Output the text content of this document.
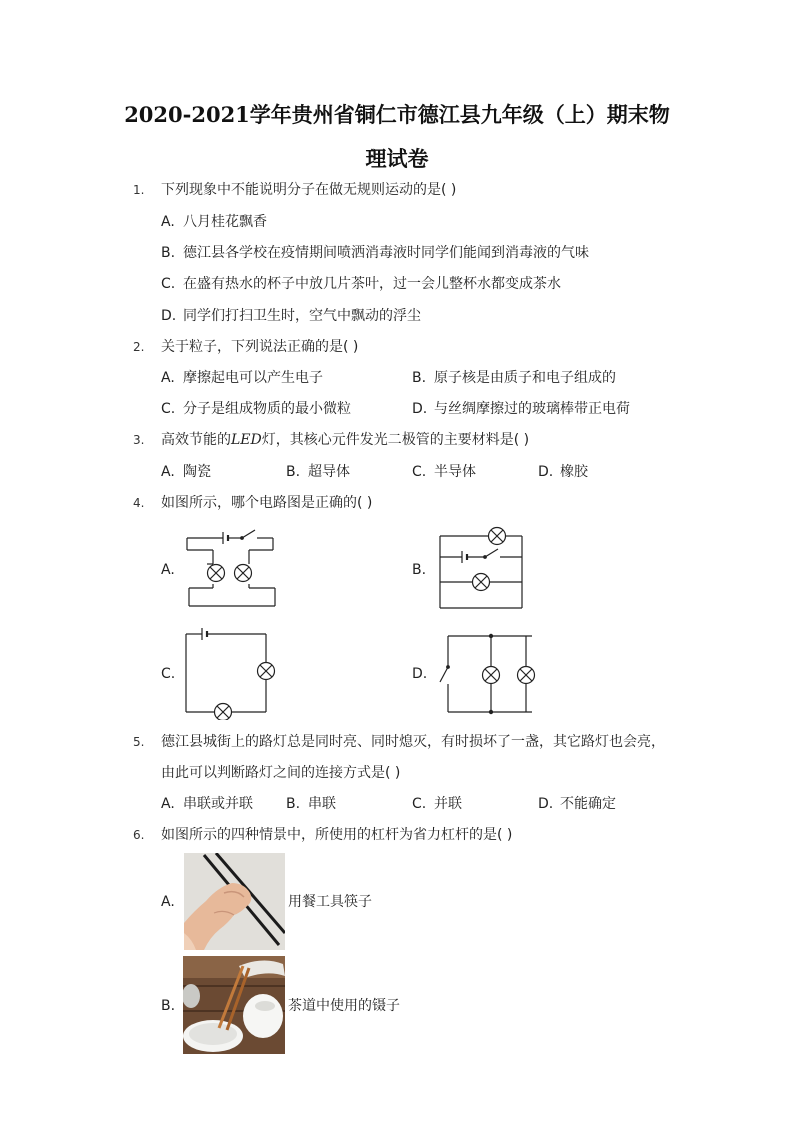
2020-2021学年贵州省铜仁市德江县九年级（上）期末物
理试卷
1. 下列现象中不能说明分子在做无规则运动的是( )
A. 八月桂花飘香
B. 德江县各学校在疫情期间喷洒消毒液时同学们能闻到消毒液的气味
C. 在盛有热水的杯子中放几片茶叶，过一会儿整杯水都变成茶水
D. 同学们打扫卫生时，空气中飘动的浮尘
2. 关于粒子，下列说法正确的是( )
A. 摩擦起电可以产生电子	B. 原子核是由质子和电子组成的
C. 分子是组成物质的最小微粒	D. 与丝绸摩擦过的玻璃棒带正电荷
3. 高效节能的LED灯，其核心元件发光二极管的主要材料是( )
A. 陶瓷	B. 超导体	C. 半导体	D. 橡胶
4. 如图所示，哪个电路图是正确的( )
A.	B.
C.	D.
5. 德江县城街上的路灯总是同时亮、同时熄灭，有时损坏了一盏，其它路灯也会亮，
由此可以判断路灯之间的连接方式是( )
A. 串联或并联 B. 串联	C. 并联	D. 不能确定
6. 如图所示的四种情景中，所使用的杠杆为省力杠杆的是( )
A.	用餐工具筷子
B.	茶道中使用的镊子
